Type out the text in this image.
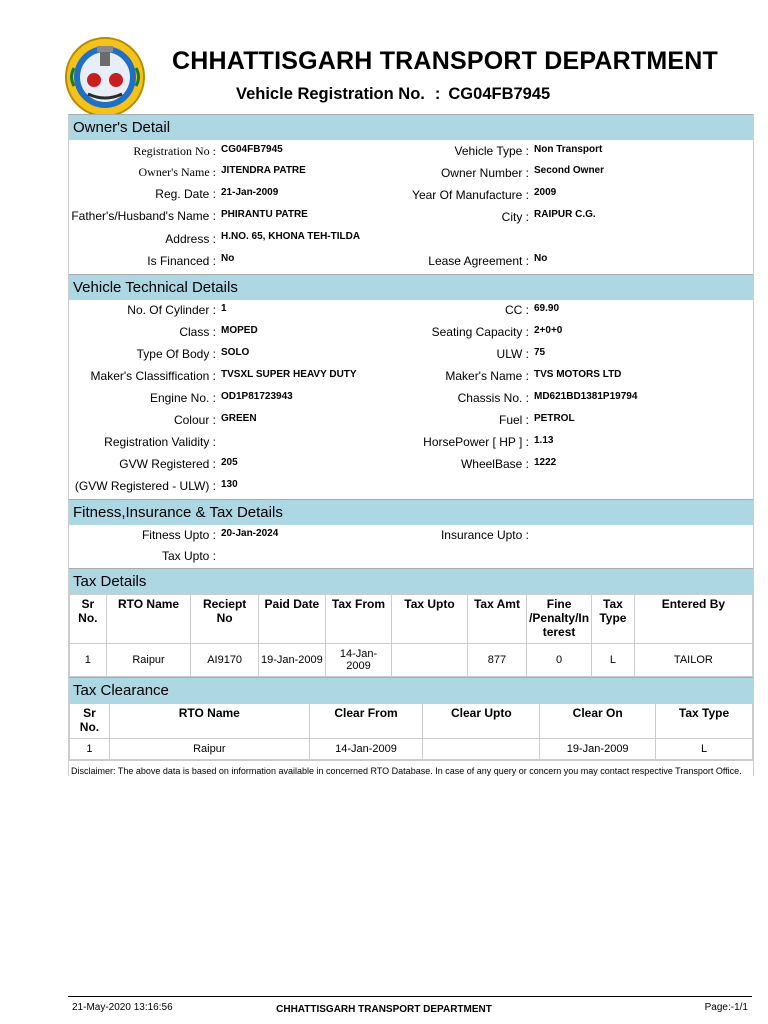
CHHATTISGARH TRANSPORT DEPARTMENT
Vehicle Registration No. : CG04FB7945
Owner's Detail
Registration No : CG04FB7945	Vehicle Type : Non Transport
Owner's Name : JITENDRA PATRE	Owner Number : Second Owner
Reg. Date : 21-Jan-2009	Year Of Manufacture : 2009
Father's/Husband's Name : PHIRANTU PATRE	City : RAIPUR C.G.
Address : H.NO. 65, KHONA TEH-TILDA
Is Financed : No	Lease Agreement : No
Vehicle Technical Details
No. Of Cylinder : 1	CC : 69.90
Class : MOPED	Seating Capacity : 2+0+0
Type Of Body : SOLO	ULW : 75
Maker's Classiffication : TVSXL SUPER HEAVY DUTY	Maker's Name : TVS MOTORS LTD
Engine No. : OD1P81723943	Chassis No. : MD621BD1381P19794
Colour : GREEN	Fuel : PETROL
Registration Validity :	HorsePower [ HP ] : 1.13
GVW Registered : 205	WheelBase : 1222
(GVW Registered - ULW) : 130
Fitness,Insurance & Tax Details
Fitness Upto : 20-Jan-2024	Insurance Upto :
Tax Upto :
Tax Details
Sr No.	RTO Name	Reciept No	Paid Date	Tax From	Tax Upto	Tax Amt	Fine /Penalty/In terest	Tax Type	Entered By
1	Raipur	AI9170	19-Jan-2009	14-Jan-2009		877	0	L	TAILOR
Tax Clearance
Sr No.	RTO Name	Clear From	Clear Upto	Clear On	Tax Type
1	Raipur	14-Jan-2009		19-Jan-2009	L
Disclaimer: The above data is based on information available in concerned RTO Database. In case of any query or concern you may contact respective Transport Office.
21-May-2020 13:16:56	CHHATTISGARH TRANSPORT DEPARTMENT	Page:-1/1
